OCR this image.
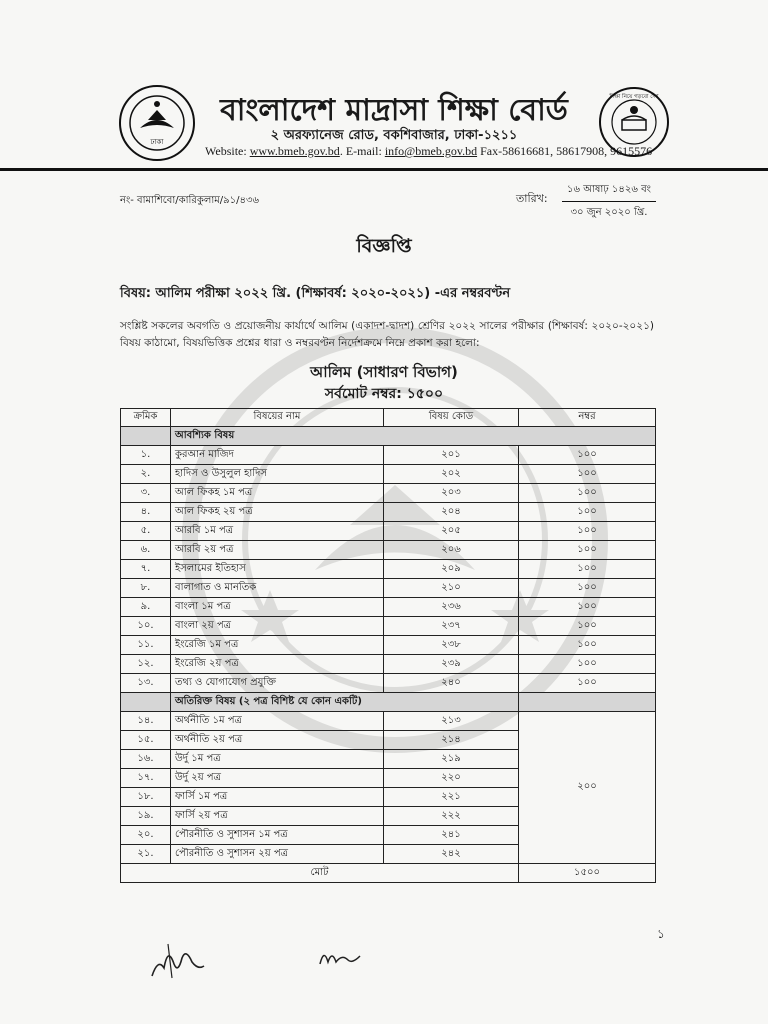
ঢাকা
বাংলাদেশ মাদ্রাসা শিক্ষা বোর্ড
২ অরফ্যানেজ রোড, বকশিবাজার, ঢাকা-১২১১
Website: www.bmeb.gov.bd. E-mail: info@bmeb.gov.bd Fax-58616681, 58617908, 9615576
শিক্ষা নিয়ে গড়বো দেশ
নং- বামাশিবো/কারিকুলাম/৯১/৪৩৬	তারিখ:
১৬ আষাঢ় ১৪২৬ বং
৩০ জুন ২০২০ খ্রি.
বিজ্ঞপ্তি
বিষয়: আলিম পরীক্ষা ২০২২ খ্রি. (শিক্ষাবর্ষ: ২০২০-২০২১) -এর নম্বরবণ্টন
সংশ্লিষ্ট সকলের অবগতি ও প্রয়োজনীয় কার্যার্থে আলিম (একাদশ-দ্বাদশ) শ্রেণির ২০২২ সালের পরীক্ষার (শিক্ষাবর্ষ: ২০২০-২০২১) বিষয় কাঠামো, বিষয়ভিত্তিক প্রশ্নের ধারা ও নম্বরবণ্টন নির্দেশক্রমে নিম্নে প্রকাশ করা হলো:
আলিম (সাধারণ বিভাগ)
সর্বমোট নম্বর: ১৫০০
ক্রমিক	বিষয়ের নাম	বিষয় কোড	নম্বর
	আবশ্যিক বিষয়		
১.	কুরআন মাজিদ	২০১	১০০
২.	হাদিস ও উসুলুল হাদিস	২০২	১০০
৩.	আল ফিকহ ১ম পত্র	২০৩	১০০
৪.	আল ফিকহ ২য় পত্র	২০৪	১০০
৫.	আরবি ১ম পত্র	২০৫	১০০
৬.	আরবি ২য় পত্র	২০৬	১০০
৭.	ইসলামের ইতিহাস	২০৯	১০০
৮.	বালাগাত ও মানতিক	২১০	১০০
৯.	বাংলা ১ম পত্র	২৩৬	১০০
১০.	বাংলা ২য় পত্র	২৩৭	১০০
১১.	ইংরেজি ১ম পত্র	২৩৮	১০০
১২.	ইংরেজি ২য় পত্র	২৩৯	১০০
১৩.	তথ্য ও যোগাযোগ প্রযুক্তি	২৪০	১০০
	অতিরিক্ত বিষয় (২ পত্র বিশিষ্ট যে কোন একটি)		
১৪.	অর্থনীতি ১ম পত্র	২১৩	২০০
১৫.	অর্থনীতি ২য় পত্র	২১৪	
১৬.	উর্দু ১ম পত্র	২১৯	
১৭.	উর্দু ২য় পত্র	২২০	
১৮.	ফার্সি ১ম পত্র	২২১	
১৯.	ফার্সি ২য় পত্র	২২২	
২০.	পৌরনীতি ও সুশাসন ১ম পত্র	২৪১	
২১.	পৌরনীতি ও সুশাসন ২য় পত্র	২৪২	
মোট			১৫০০
১
